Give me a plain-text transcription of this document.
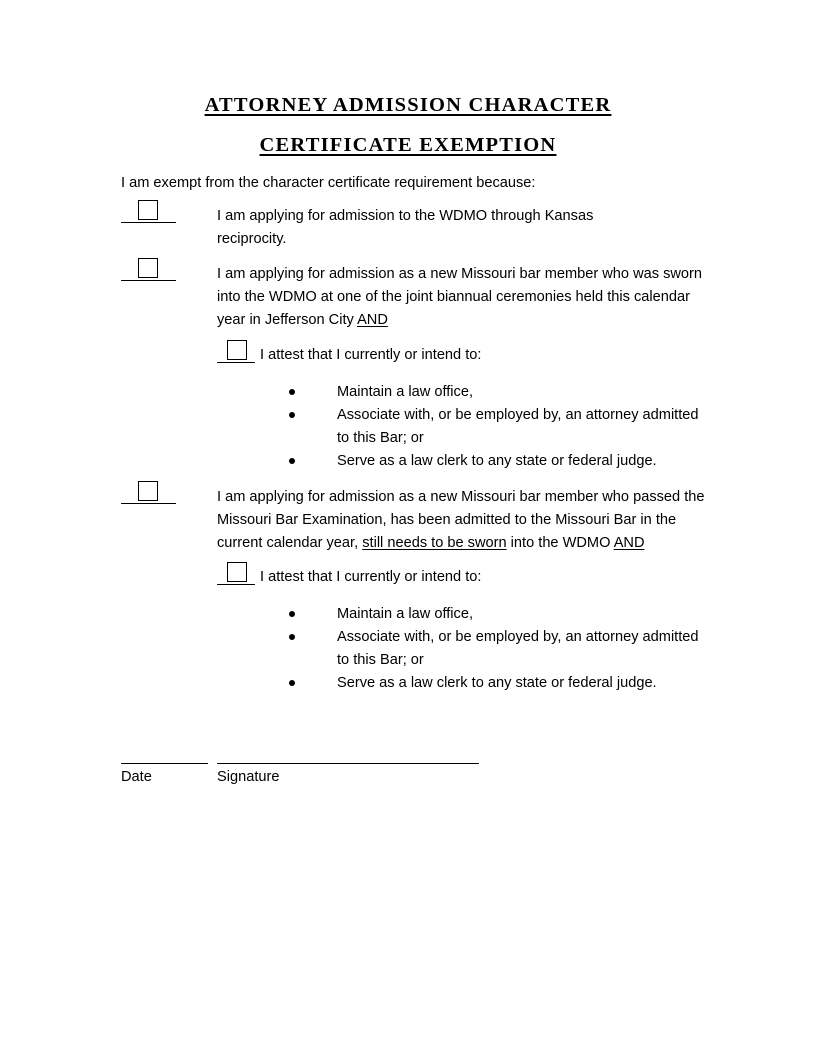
ATTORNEY ADMISSION CHARACTER
CERTIFICATE EXEMPTION
I am exempt from the character certificate requirement because:
I am applying for admission to the WDMO through Kansas
reciprocity.
I am applying for admission as a new Missouri bar member who was sworn
into the WDMO at one of the joint biannual ceremonies held this calendar
year in Jefferson City AND
I attest that I currently or intend to:
Maintain a law office,
Associate with, or be employed by, an attorney admitted
to this Bar; or
Serve as a law clerk to any state or federal judge.
I am applying for admission as a new Missouri bar member who passed the
Missouri Bar Examination, has been admitted to the Missouri Bar in the
current calendar year, still needs to be sworn into the WDMO AND
I attest that I currently or intend to:
Maintain a law office,
Associate with, or be employed by, an attorney admitted
to this Bar; or
Serve as a law clerk to any state or federal judge.
Date	Signature
